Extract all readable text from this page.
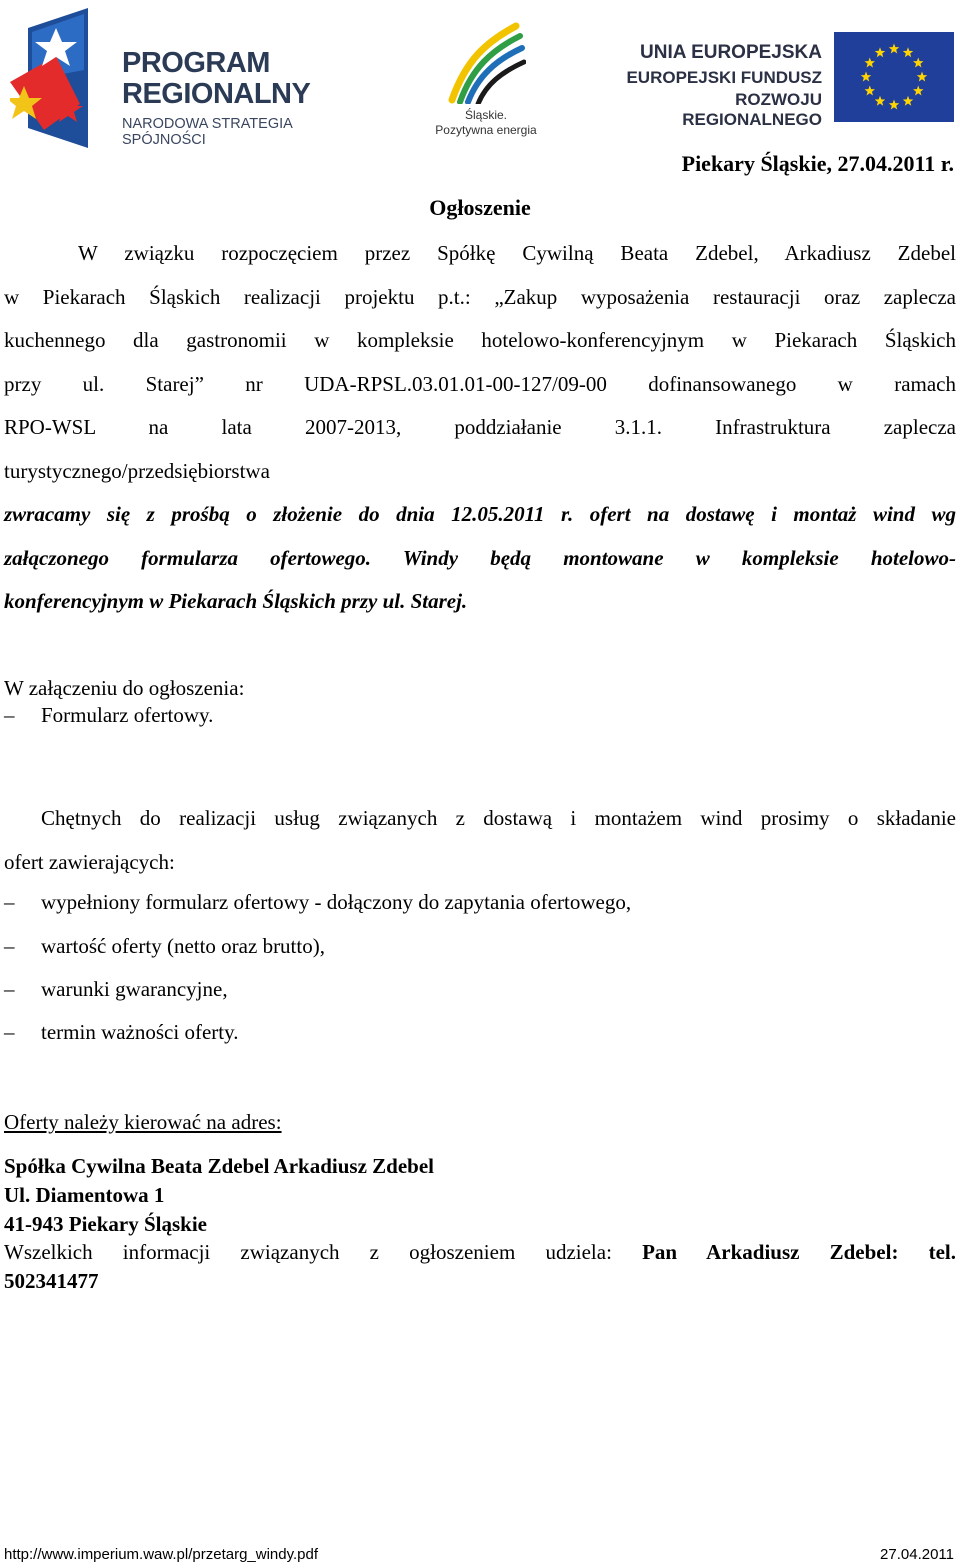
PROGRAM
REGIONALNY
NARODOWA STRATEGIA SPÓJNOŚCI
Śląskie.
Pozytywna energia
UNIA EUROPEJSKA
EUROPEJSKI FUNDUSZ
ROZWOJU REGIONALNEGO
Piekary Śląskie, 27.04.2011 r.
Ogłoszenie
W związku rozpoczęciem przez Spółkę Cywilną Beata Zdebel, Arkadiusz Zdebel
w Piekarach Śląskich realizacji projektu p.t.: „Zakup wyposażenia restauracji oraz zaplecza
kuchennego dla gastronomii w kompleksie hotelowo-konferencyjnym w Piekarach Śląskich
przy ul. Starej” nr UDA-RPSL.03.01.01-00-127/09-00 dofinansowanego w ramach
RPO-WSL na lata 2007-2013, poddziałanie 3.1.1. Infrastruktura zaplecza
turystycznego/przedsiębiorstwa
zwracamy się z prośbą o złożenie do dnia 12.05.2011 r. ofert na dostawę i montaż wind wg
załączonego formularza ofertowego. Windy będą montowane w kompleksie hotelowo-
konferencyjnym w Piekarach Śląskich przy ul. Starej.
W załączeniu do ogłoszenia:
– Formularz ofertowy.
Chętnych do realizacji usług związanych z dostawą i montażem wind prosimy o składanie
ofert zawierających:
– wypełniony formularz ofertowy - dołączony do zapytania ofertowego,
– wartość oferty (netto oraz brutto),
– warunki gwarancyjne,
– termin ważności oferty.
Oferty należy kierować na adres:
Spółka Cywilna Beata Zdebel Arkadiusz Zdebel
Ul. Diamentowa 1
41-943 Piekary Śląskie
Wszelkich informacji związanych z ogłoszeniem udziela: Pan Arkadiusz Zdebel: tel.
502341477
http://www.imperium.waw.pl/przetarg_windy.pdf	27.04.2011
